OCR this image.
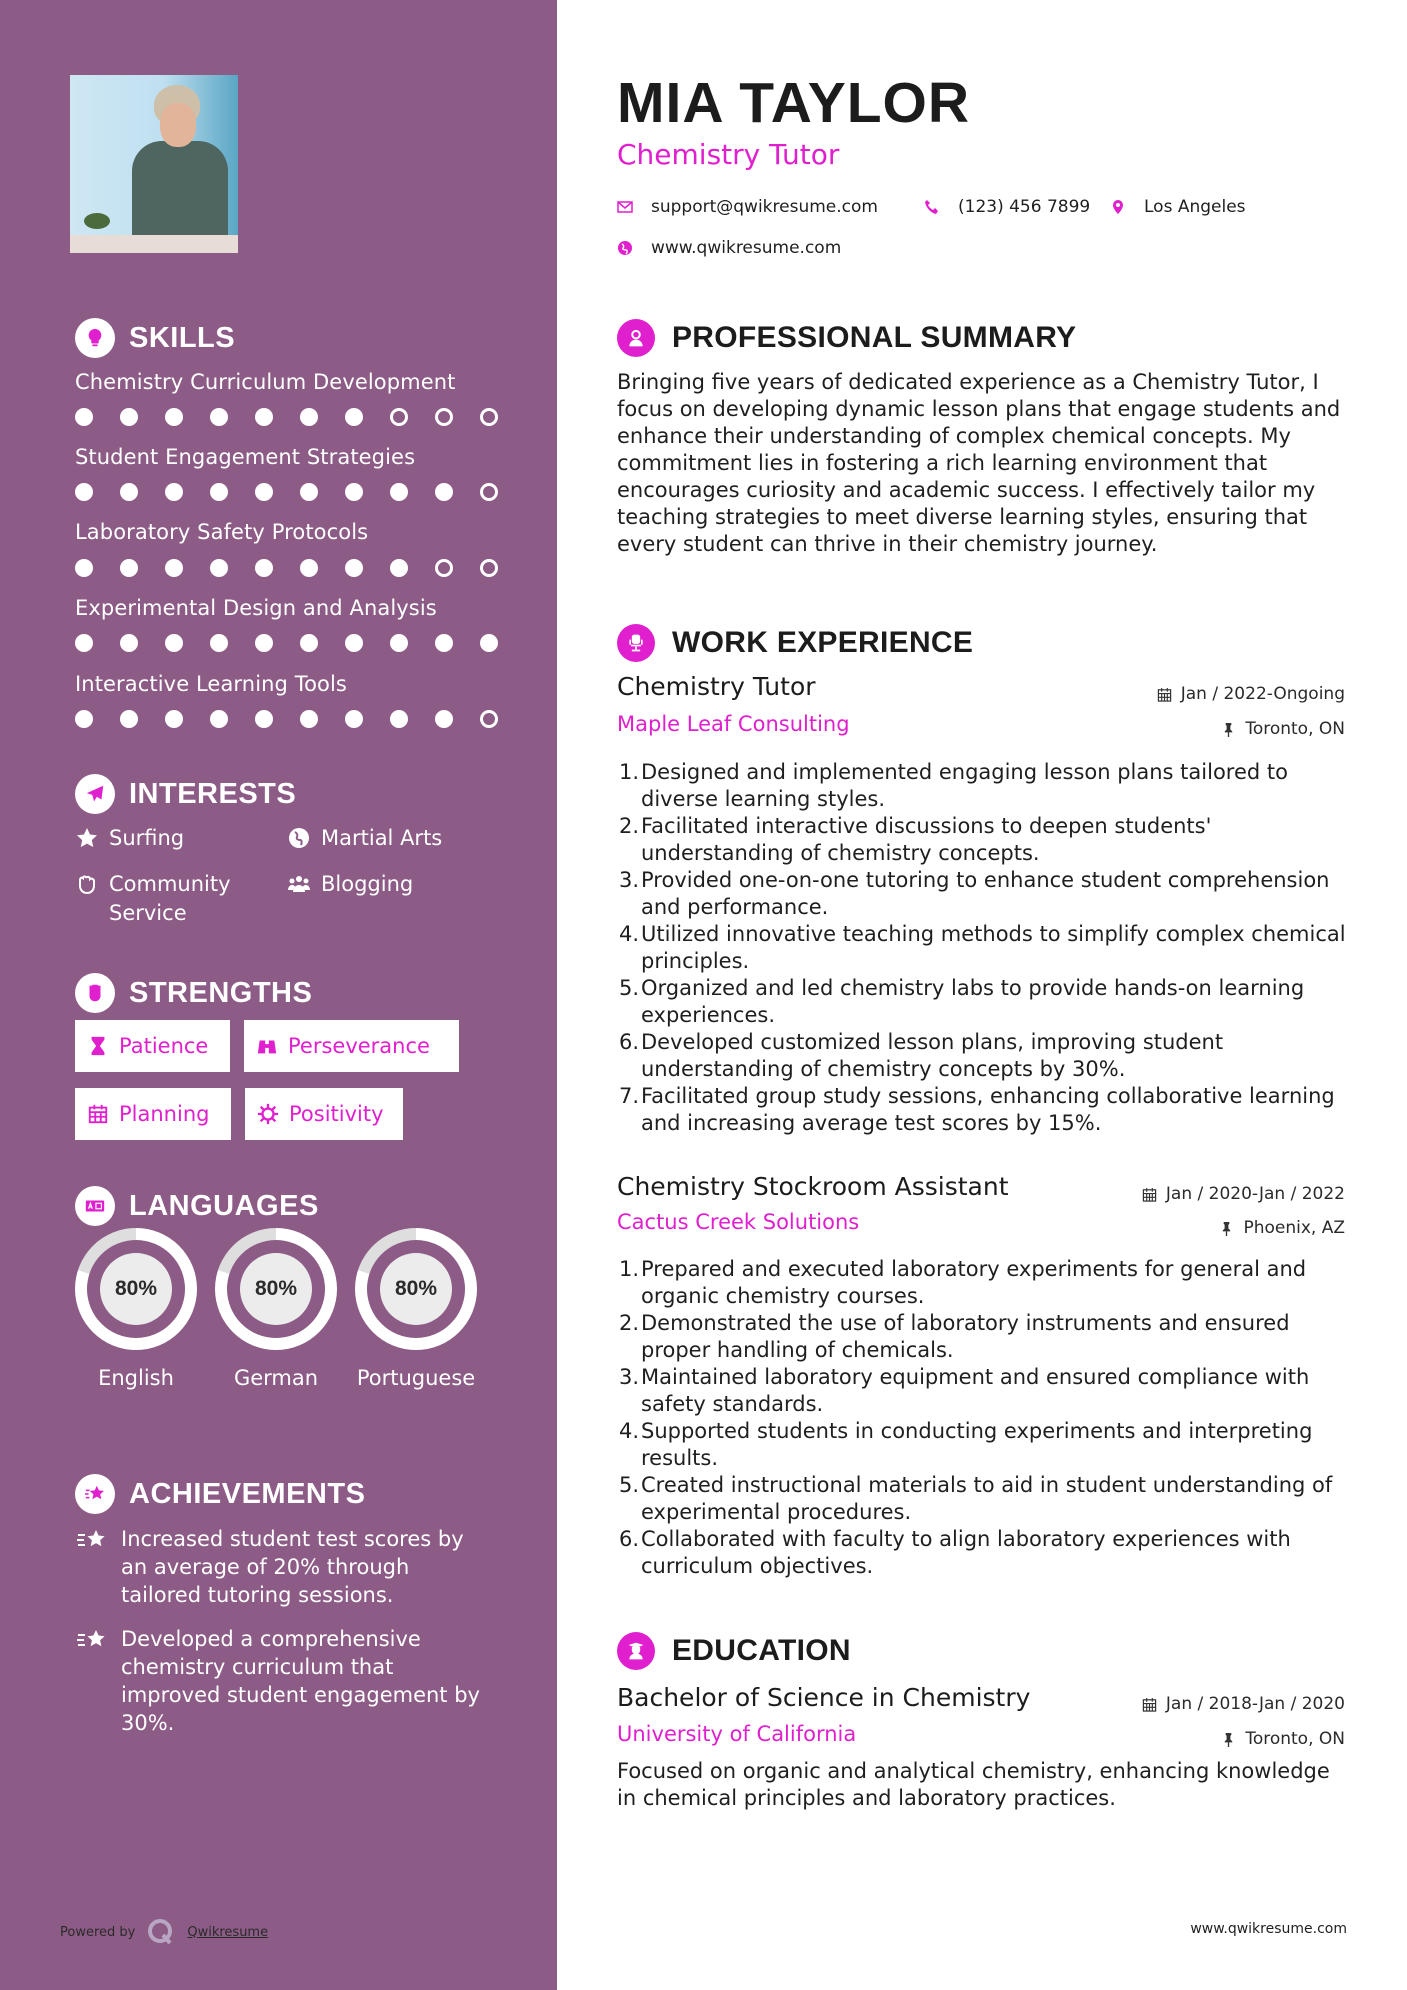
SKILLS
Chemistry Curriculum Development
Student Engagement Strategies
Laboratory Safety Protocols
Experimental Design and Analysis
Interactive Learning Tools
INTERESTS
Surfing	Martial Arts
Community Service
Blogging
STRENGTHS
Patience	Perseverance
Planning	Positivity
LANGUAGES
80%
English
80%
German
80%
Portuguese
ACHIEVEMENTS
Increased student test scores by an average of 20% through tailored tutoring sessions.
Developed a comprehensive chemistry curriculum that improved student engagement by 30%.
Powered by	Qwikresume
MIA TAYLOR
Chemistry Tutor
support@qwikresume.com	(123) 456 7899	Los Angeles
www.qwikresume.com
PROFESSIONAL SUMMARY

Bringing five years of dedicated experience as a Chemistry Tutor, I focus on developing dynamic lesson plans that engage students and enhance their understanding of complex chemical concepts. My commitment lies in fostering a rich learning environment that encourages curiosity and academic success. I effectively tailor my teaching strategies to meet diverse learning styles, ensuring that every student can thrive in their chemistry journey.

WORK EXPERIENCE
Chemistry Tutor	Jan / 2022-Ongoing
Maple Leaf Consulting	Toronto, ON
1. Designed and implemented engaging lesson plans tailored to diverse learning styles.
2. Facilitated interactive discussions to deepen students' understanding of chemistry concepts.
3. Provided one-on-one tutoring to enhance student comprehension and performance.
4. Utilized innovative teaching methods to simplify complex chemical principles.
5. Organized and led chemistry labs to provide hands-on learning experiences.
6. Developed customized lesson plans, improving student understanding of chemistry concepts by 30%.
7. Facilitated group study sessions, enhancing collaborative learning and increasing average test scores by 15%.
Chemistry Stockroom Assistant	Jan / 2020-Jan / 2022
Cactus Creek Solutions	Phoenix, AZ
1. Prepared and executed laboratory experiments for general and organic chemistry courses.
2. Demonstrated the use of laboratory instruments and ensured proper handling of chemicals.
3. Maintained laboratory equipment and ensured compliance with safety standards.
4. Supported students in conducting experiments and interpreting results.
5. Created instructional materials to aid in student understanding of experimental procedures.
6. Collaborated with faculty to align laboratory experiences with curriculum objectives.
EDUCATION
Bachelor of Science in Chemistry	Jan / 2018-Jan / 2020
University of California	Toronto, ON

Focused on organic and analytical chemistry, enhancing knowledge in chemical principles and laboratory practices.

www.qwikresume.com
